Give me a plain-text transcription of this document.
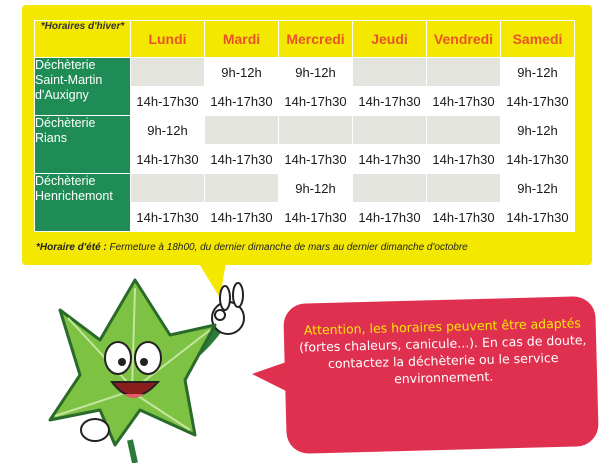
*Horaires d'hiver*	Lundi	Mardi	Mercredi	Jeudi	Vendredi	Samedi
Déchèterie Saint-Martin d'Auxigny		9h-12h	9h-12h			9h-12h
	14h-17h30	14h-17h30	14h-17h30	14h-17h30	14h-17h30	14h-17h30
Déchèterie Rians	9h-12h					9h-12h
	14h-17h30	14h-17h30	14h-17h30	14h-17h30	14h-17h30	14h-17h30
Déchèterie Henrichemont			9h-12h			9h-12h
	14h-17h30	14h-17h30	14h-17h30	14h-17h30	14h-17h30	14h-17h30
*Horaire d'été : Fermeture à 18h00, du dernier dimanche de mars au dernier dimanche d'octobre
Attention, les horaires peuvent être adaptés
(fortes chaleurs, canicule...). En cas de doute, contactez la déchèterie ou le service environnement.
